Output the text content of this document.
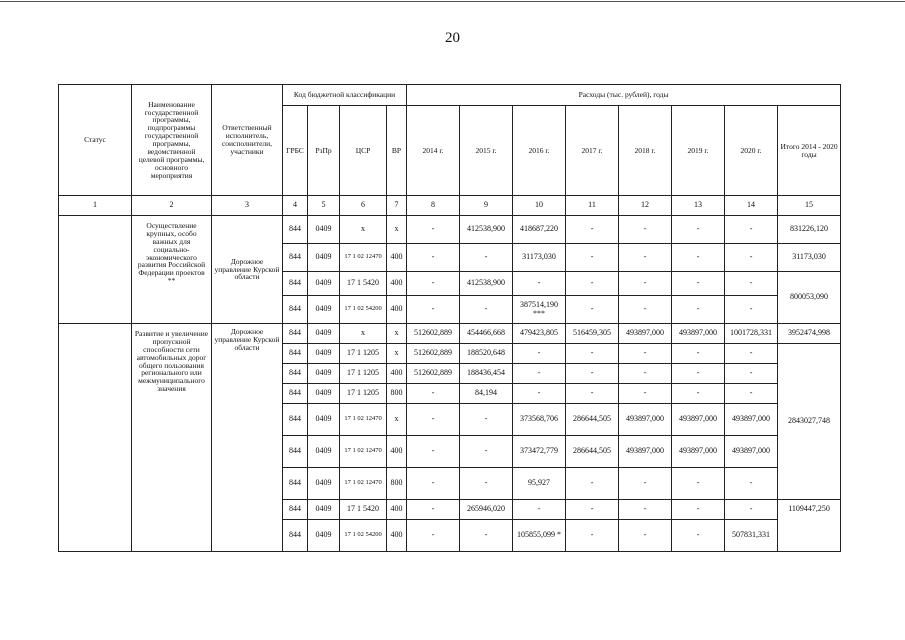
20
Статус	Наименование государственной программы, подпрограммы государственной программы, ведомственной целевой программы, основного мероприятия	Ответственный исполнитель, соисполнители, участники	Код бюджетной классификации				Расходы (тыс. рублей), годы							
			ГРБС	РзПр	ЦСР	ВР	2014 г.	2015 г.	2016 г.	2017 г.	2018 г.	2019 г.	2020 г.	Итого 2014 - 2020 годы
1	2	3	4	5	6	7	8	9	10	11	12	13	14	15
	Осуществление крупных, особо важных для социально-экономического развития Российской Федерации проектов **	Дорожное управление Курской области	844	0409	х	х	-	412538,900	418687,220	-	-	-	-	831226,120
			844	0409	17 1 02 12470	400	-	-	31173,030	-	-	-	-	31173,030
			844	0409	17 1 5420	400	-	412538,900	-	-	-	-	-	800053,090
			844	0409	17 1 02 54200	400	-	-	387514,190 ***	-	-	-	-	
	Развитие и увеличение пропускной способности сети автомобильных дорог общего пользования регионального или межмуниципального значения	Дорожное управление Курской области	844	0409	х	х	512602,889	454466,668	479423,805	516459,305	493897,000	493897,000	1001728,331	3952474,998
			844	0409	17 1 1205	х	512602,889	188520,648	-	-	-	-	-	2843027,748
			844	0409	17 1 1205	400	512602,889	188436,454	-	-	-	-	-	
			844	0409	17 1 1205	800	-	84,194	-	-	-	-	-	
			844	0409	17 1 02 12470	х	-	-	373568,706	286644,505	493897,000	493897,000	493897,000	
			844	0409	17 1 02 12470	400	-	-	373472,779	286644,505	493897,000	493897,000	493897,000	
			844	0409	17 1 02 12470	800	-	-	95,927	-	-	-	-	
			844	0409	17 1 5420	400	-	265946,020	-	-	-	-	-	1109447,250
			844	0409	17 1 02 54200	400	-	-	105855,099 *	-	-	-	507831,331	
